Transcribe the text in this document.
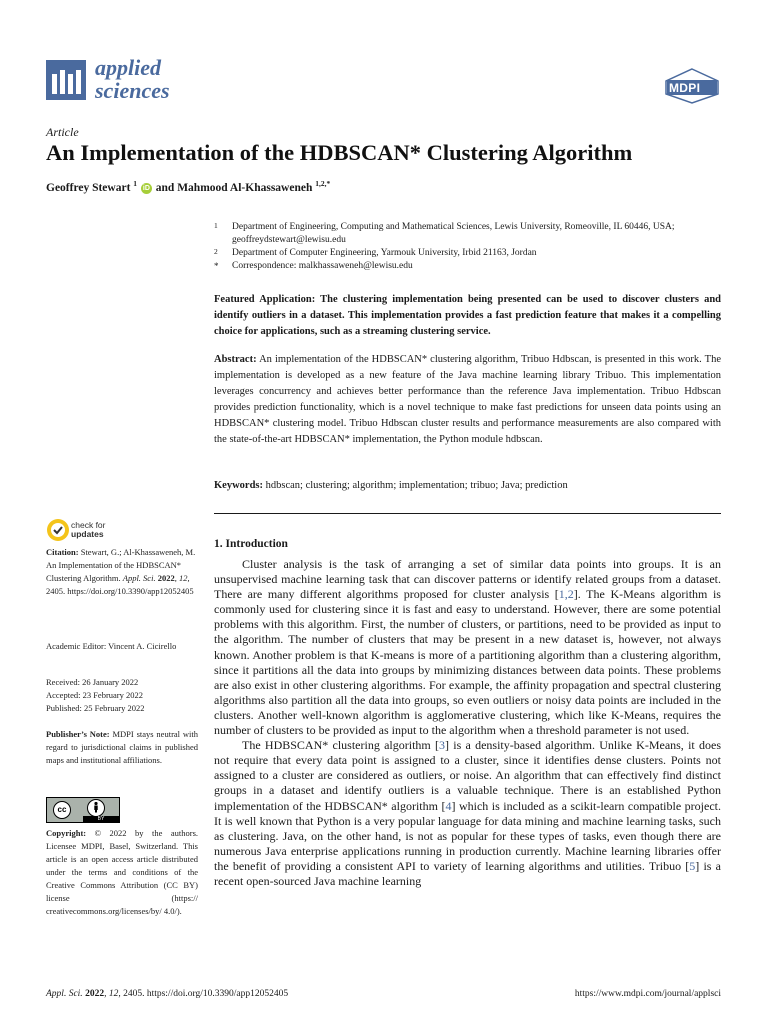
applied
sciences	MDPI
Article
An Implementation of the HDBSCAN* Clustering Algorithm
Geoffrey Stewart $^1$ iD and Mahmood Al-Khassaweneh $^{1,2,*}$
1 Department of Engineering, Computing and Mathematical Sciences, Lewis University, Romeoville, IL 60446, USA; geoffreydstewart@lewisu.edu
2 Department of Computer Engineering, Yarmouk University, Irbid 21163, Jordan
* Correspondence: malkhassaweneh@lewisu.edu

Featured Application: The clustering implementation being presented can be used to discover clusters and identify outliers in a dataset. This implementation provides a fast prediction feature that makes it a compelling choice for applications, such as a streaming clustering service.

Abstract: An implementation of the HDBSCAN* clustering algorithm, Tribuo Hdbscan, is presented in this work. The implementation is developed as a new feature of the Java machine learning library Tribuo. This implementation leverages concurrency and achieves better performance than the reference Java implementation. Tribuo Hdbscan provides prediction functionality, which is a novel technique to make fast predictions for unseen data points using an HDBSCAN* clustering model. Tribuo Hdbscan cluster results and performance measurements are also compared with the state-of-the-art HDBSCAN* implementation, the Python module hdbscan.

Keywords: hdbscan; clustering; algorithm; implementation; tribuo; Java; prediction

check for
updates
Citation: Stewart, G.; Al-Khassaweneh, M. An Implementation of the HDBSCAN* Clustering Algorithm. Appl. Sci. 2022, 12, 2405. https://doi.org/10.3390/app12052405
Academic Editor: Vincent A. Cicirello
Received: 26 January 2022
Accepted: 23 February 2022
Published: 25 February 2022
Publisher’s Note: MDPI stays neutral with regard to jurisdictional claims in published maps and institutional affiliations.
cc
BY
Copyright: © 2022 by the authors. Licensee MDPI, Basel, Switzerland. This article is an open access article distributed under the terms and conditions of the Creative Commons Attribution (CC BY) license (https:// creativecommons.org/licenses/by/ 4.0/).
1. Introduction

Cluster analysis is the task of arranging a set of similar data points into groups. It is an unsupervised machine learning task that can discover patterns or identify related groups from a dataset. There are many different algorithms proposed for cluster analysis [1,2]. The K-Means algorithm is commonly used for clustering since it is fast and easy to understand. However, there are some potential problems with this algorithm. First, the number of clusters, or partitions, need to be provided as input to the algorithm. The number of clusters that may be present in a new dataset is, however, not always known. Another problem is that K-means is more of a partitioning algorithm than a clustering algorithm, since it partitions all the data into groups by minimizing distances between data points. These problems are also exist in other clustering algorithms. For example, the affinity propagation and spectral clustering algorithms also partition all the data into groups, so even outliers or noisy data points are included in the clusters. Another well-known algorithm is agglomerative clustering, which like K-Means, requires the number of clusters to be provided as input to the algorithm when a threshold parameter is not used.

The HDBSCAN* clustering algorithm [3] is a density-based algorithm. Unlike K-Means, it does not require that every data point is assigned to a cluster, since it identifies dense clusters. Points not assigned to a cluster are considered as outliers, or noise. An algorithm that can effectively find distinct groups in a dataset and identify outliers is a valuable technique. There is an established Python implementation of the HDBSCAN* algorithm [4] which is included as a scikit-learn compatible project. It is well known that Python is a very popular language for data mining and machine learning tasks, such as clustering. Java, on the other hand, is not as popular for these types of tasks, even though there are numerous Java enterprise applications running in production currently. Machine learning libraries offer the benefit of providing a consistent API to variety of learning algorithms and utilities. Tribuo [5] is a recent open-sourced Java machine learning

Appl. Sci. 2022, 12, 2405. https://doi.org/10.3390/app12052405	https://www.mdpi.com/journal/applsci
